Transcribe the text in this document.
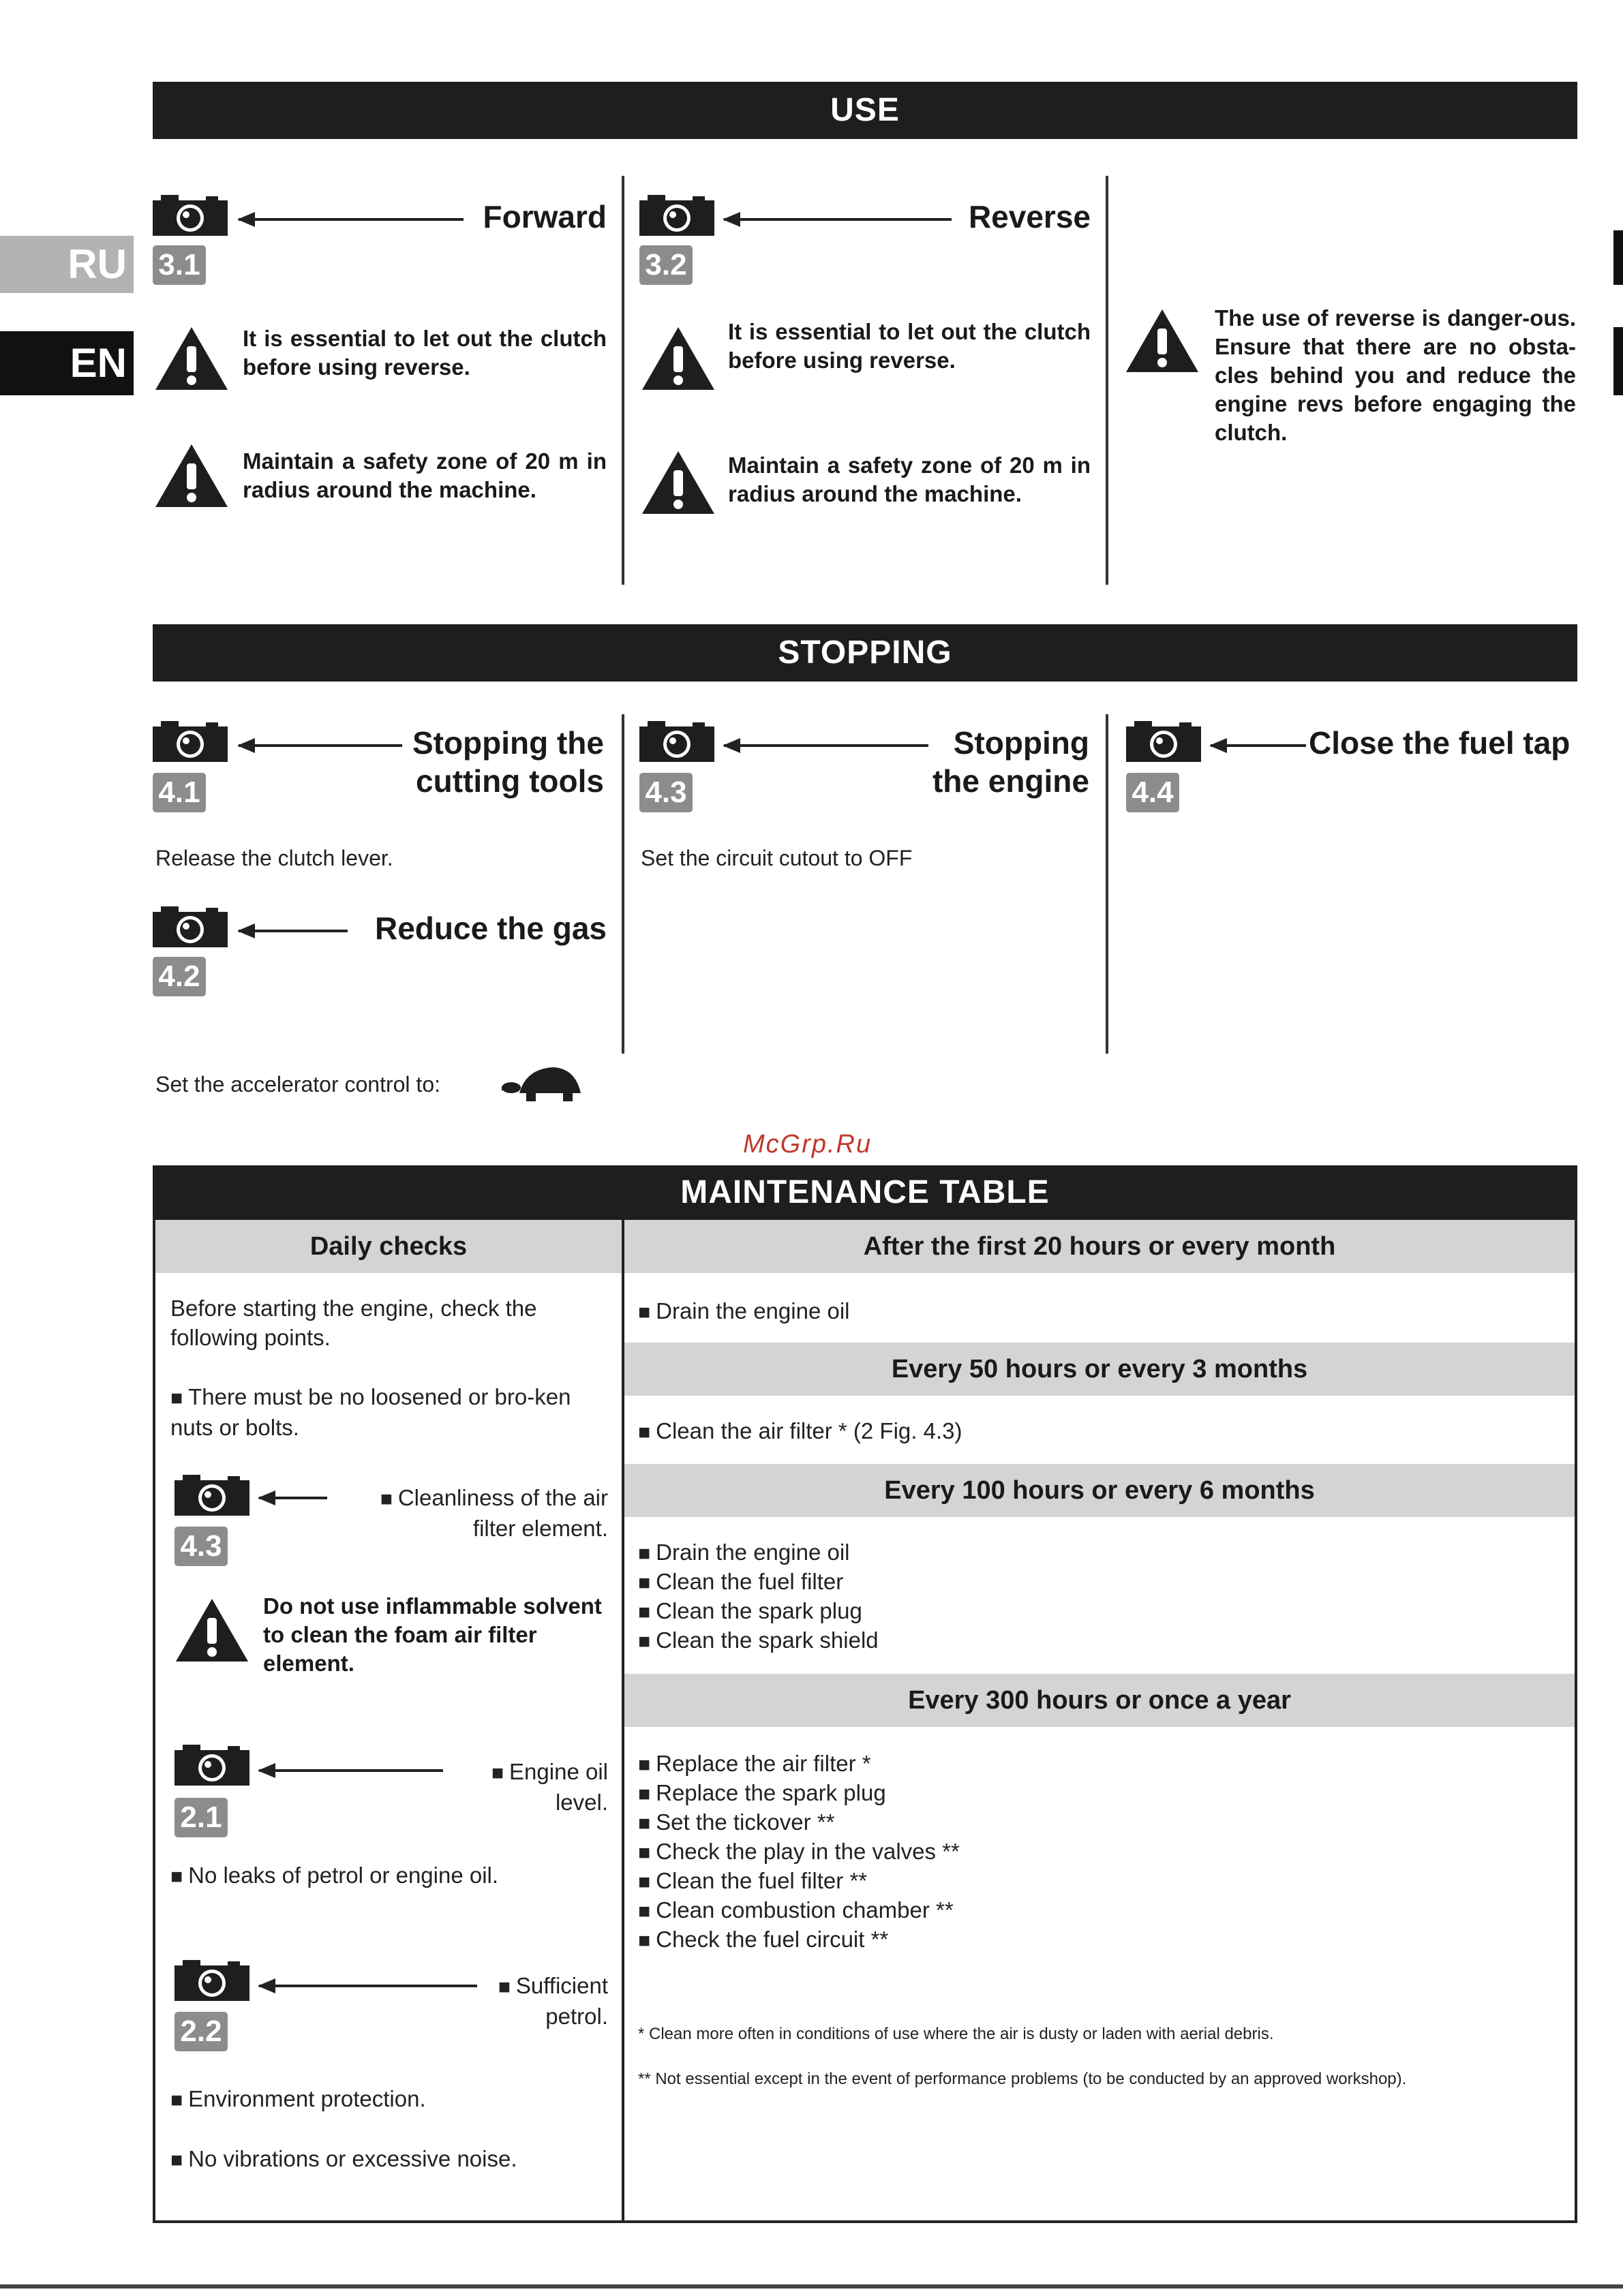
RU
EN
USE
3.1
Forward
It is essential to let out the clutch before using reverse.
Maintain a safety zone of 20 m in radius around the machine.
3.2
Reverse
It is essential to let out the clutch before using reverse.
Maintain a safety zone of 20 m in radius around the machine.
The use of reverse is danger-ous. Ensure that there are no obsta-cles behind you and reduce the engine revs before engaging the clutch.
STOPPING
4.1
Stopping the
cutting tools
Release the clutch lever.
4.2
Reduce the gas
Set the accelerator control to:
4.3
Stopping
the engine
Set the circuit cutout to OFF
4.4
Close the fuel tap
McGrp.Ru
MAINTENANCE TABLE
Daily checks
Before starting the engine, check the following points.
■ There must be no loosened or bro-ken nuts or bolts.
4.3
■ Cleanliness of the air filter element.
Do not use inflammable solvent to clean the foam air filter element.
2.1
■ Engine oil level.
■ No leaks of petrol or engine oil.
2.2
■ Sufficient petrol.
■ Environment protection.
■ No vibrations or excessive noise.
After the first 20 hours or every month
■ Drain the engine oil
Every 50 hours or every 3 months
■ Clean the air filter * (2 Fig. 4.3)
Every 100 hours or every 6 months
■ Drain the engine oil
■ Clean the fuel filter
■ Clean the spark plug
■ Clean the spark shield
Every 300 hours or once a year
■ Replace the air filter *
■ Replace the spark plug
■ Set the tickover **
■ Check the play in the valves **
■ Clean the fuel filter **
■ Clean combustion chamber **
■ Check the fuel circuit **
* Clean more often in conditions of use where the air is dusty or laden with aerial debris.
** Not essential except in the event of performance problems (to be conducted by an approved workshop).
